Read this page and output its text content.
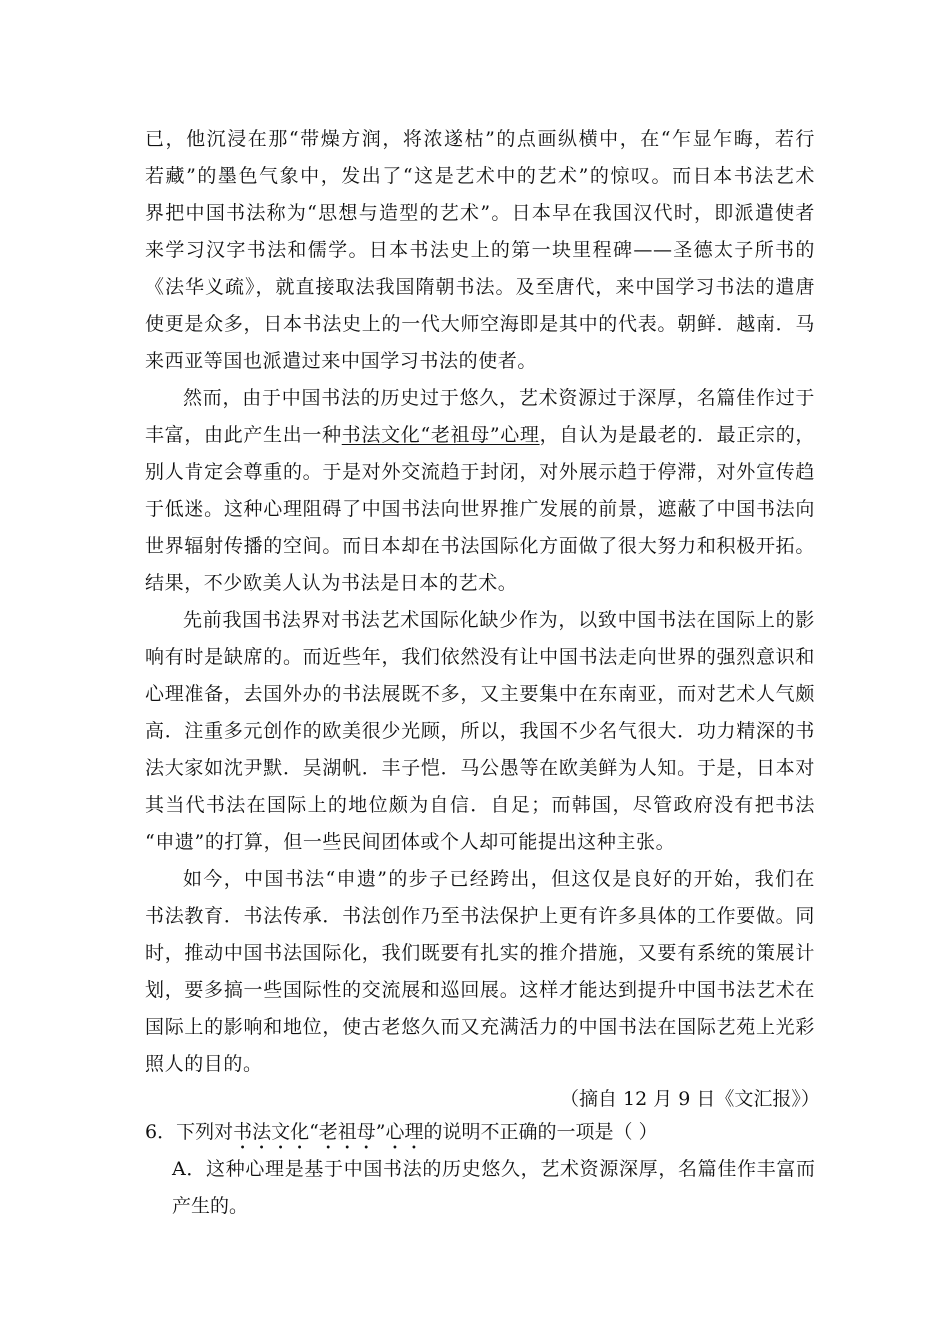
已，他沉浸在那“带燥方润，将浓遂枯”的点画纵横中，在“乍显乍晦，若行
若藏”的墨色气象中，发出了“这是艺术中的艺术”的惊叹。而日本书法艺术
界把中国书法称为“思想与造型的艺术”。日本早在我国汉代时，即派遣使者
来学习汉字书法和儒学。日本书法史上的第一块里程碑——圣德太子所书的
《法华义疏》，就直接取法我国隋朝书法。及至唐代，来中国学习书法的遣唐
使更是众多，日本书法史上的一代大师空海即是其中的代表。朝鲜．越南．马
来西亚等国也派遣过来中国学习书法的使者。
然而，由于中国书法的历史过于悠久，艺术资源过于深厚，名篇佳作过于
丰富，由此产生出一种书法文化“老祖母”心理，自认为是最老的．最正宗的，
别人肯定会尊重的。于是对外交流趋于封闭，对外展示趋于停滞，对外宣传趋
于低迷。这种心理阻碍了中国书法向世界推广发展的前景，遮蔽了中国书法向
世界辐射传播的空间。而日本却在书法国际化方面做了很大努力和积极开拓。
结果，不少欧美人认为书法是日本的艺术。
先前我国书法界对书法艺术国际化缺少作为，以致中国书法在国际上的影
响有时是缺席的。而近些年，我们依然没有让中国书法走向世界的强烈意识和
心理准备，去国外办的书法展既不多，又主要集中在东南亚，而对艺术人气颇
高．注重多元创作的欧美很少光顾，所以，我国不少名气很大．功力精深的书
法大家如沈尹默．吴湖帆．丰子恺．马公愚等在欧美鲜为人知。于是，日本对
其当代书法在国际上的地位颇为自信．自足；而韩国，尽管政府没有把书法
“申遗”的打算，但一些民间团体或个人却可能提出这种主张。
如今，中国书法“申遗”的步子已经跨出，但这仅是良好的开始，我们在
书法教育．书法传承．书法创作乃至书法保护上更有许多具体的工作要做。同
时，推动中国书法国际化，我们既要有扎实的推介措施，又要有系统的策展计
划，要多搞一些国际性的交流展和巡回展。这样才能达到提升中国书法艺术在
国际上的影响和地位，使古老悠久而又充满活力的中国书法在国际艺苑上光彩
照人的目的。
（摘自 12 月 9 日《文汇报》）
6．下列对书法文化“老祖母”心理的说明不正确的一项是（ ）
A．这种心理是基于中国书法的历史悠久，艺术资源深厚，名篇佳作丰富而
产生的。
